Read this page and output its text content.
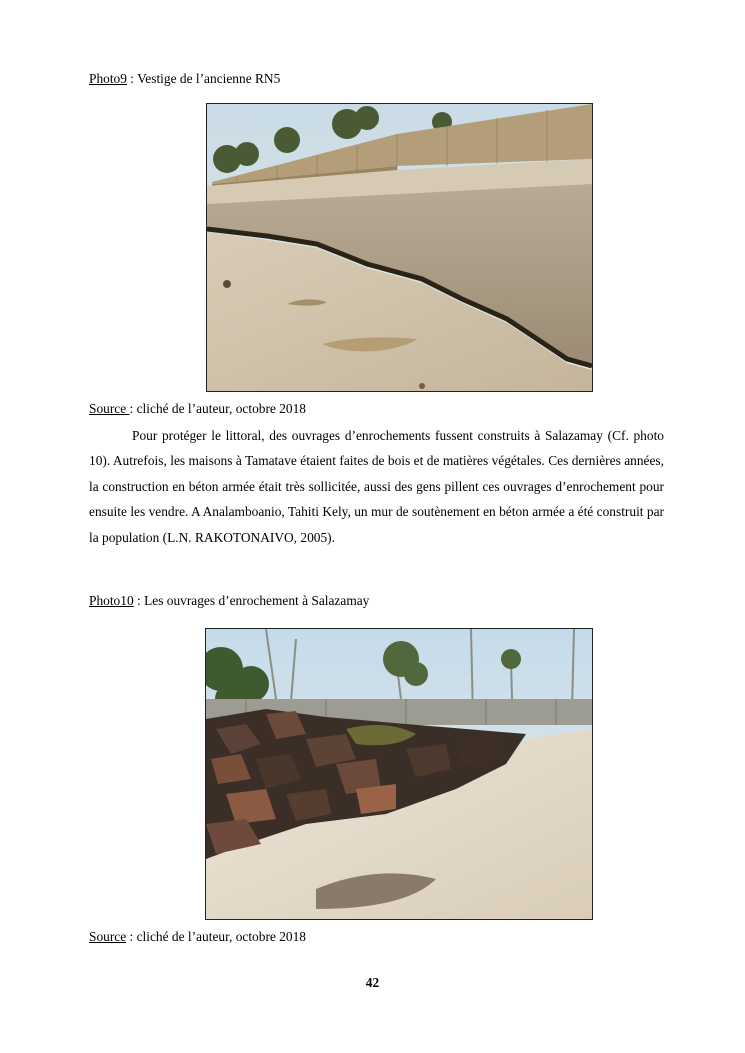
Photo9 : Vestige de l’ancienne RN5
Source : cliché de l’auteur, octobre 2018

Pour protéger le littoral, des ouvrages d’enrochements fussent construits à Salazamay (Cf. photo 10). Autrefois, les maisons à Tamatave étaient faites de bois et de matières végétales. Ces dernières années, la construction en béton armée était très sollicitée, aussi des gens pillent ces ouvrages d’enrochement pour ensuite les vendre. A Analamboanio, Tahiti Kely, un mur de soutènement en béton armée a été construit par la population (L.N. RAKOTONAIVO, 2005).

Photo10 : Les ouvrages d’enrochement à Salazamay
Source : cliché de l’auteur, octobre 2018
42
